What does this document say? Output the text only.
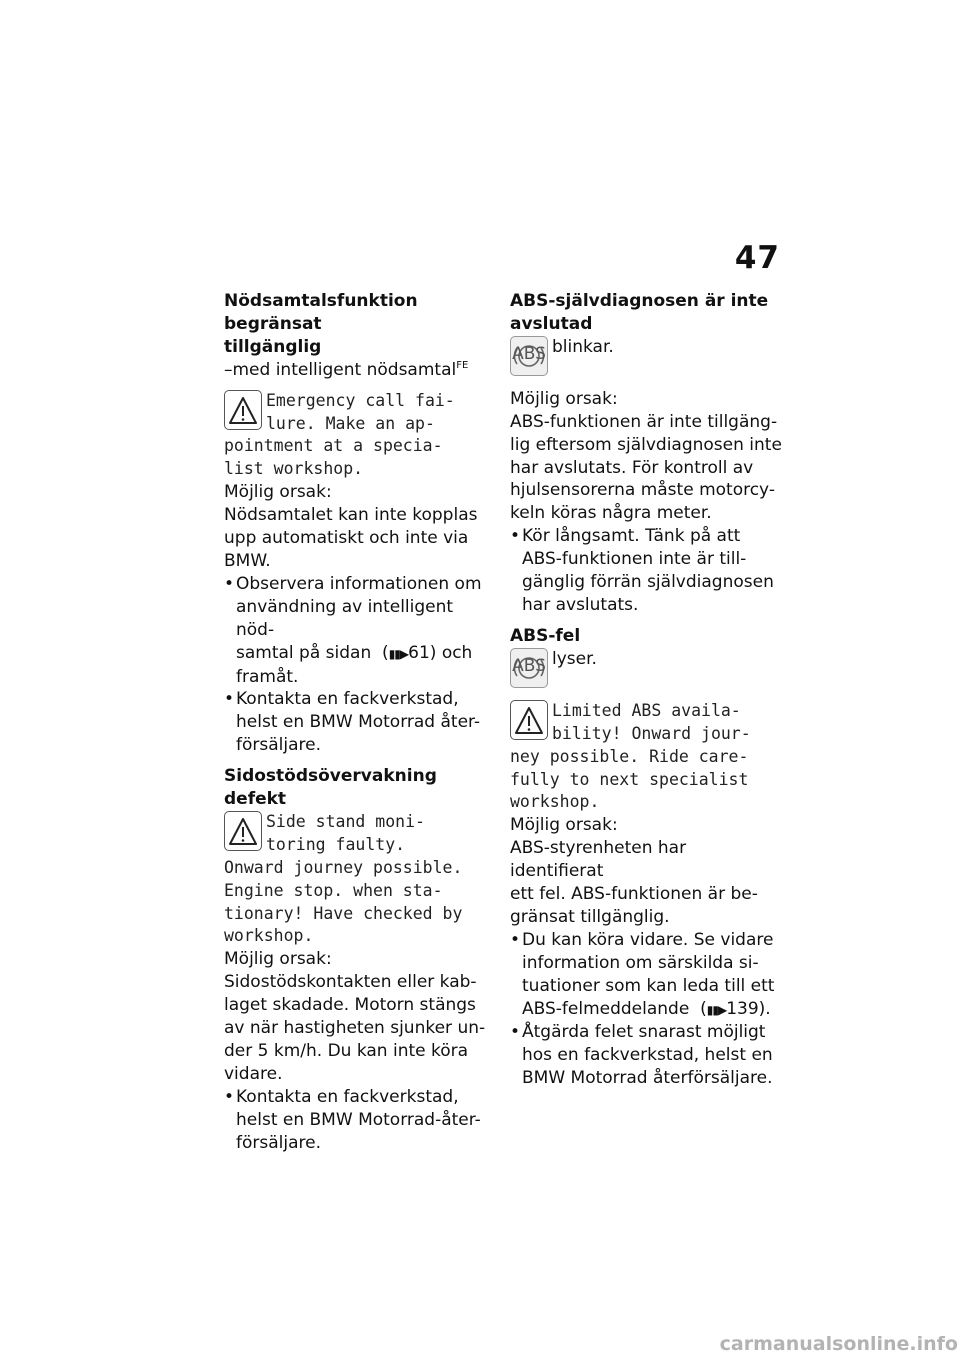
47
Nödsamtalsfunktion begränsat
tillgänglig
–med intelligent nödsamtal$^{FE}$
Emergency call fai-
lure. Make an ap-
pointment at a specia-
list workshop.
Möjlig orsak:
Nödsamtalet kan inte kopplas
upp automatiskt och inte via
BMW.
• Observera informationen om
användning av intelligent nöd-
samtal på sidan  (▮▮▶61) och
framåt.
• Kontakta en fackverkstad,
helst en BMW Motorrad åter-
försäljare.
Sidostödsövervakning defekt
Side stand moni-
toring faulty.
Onward journey possible.
Engine stop. when sta-
tionary! Have checked by
workshop.
Möjlig orsak:
Sidostödskontakten eller kab-
laget skadade. Motorn stängs
av när hastigheten sjunker un-
der 5 km/h. Du kan inte köra
vidare.
• Kontakta en fackverkstad,
helst en BMW Motorrad-åter-
försäljare.
ABS-självdiagnosen är inte
avslutad
ABS blinkar.
Möjlig orsak:
ABS-funktionen är inte tillgäng-
lig eftersom självdiagnosen inte
har avslutats. För kontroll av
hjulsensorerna måste motorcy-
keln köras några meter.
• Kör långsamt. Tänk på att
ABS-funktionen inte är till-
gänglig förrän självdiagnosen
har avslutats.
ABS-fel
ABS lyser.
Limited ABS availa-
bility! Onward jour-
ney possible. Ride care-
fully to next specialist
workshop.
Möjlig orsak:
ABS-styrenheten har identifierat
ett fel. ABS-funktionen är be-
gränsat tillgänglig.
• Du kan köra vidare. Se vidare
information om särskilda si-
tuationer som kan leda till ett
ABS-felmeddelande  (▮▮▶139).
• Åtgärda felet snarast möjligt
hos en fackverkstad, helst en
BMW Motorrad återförsäljare.
carmanualsonline.info
